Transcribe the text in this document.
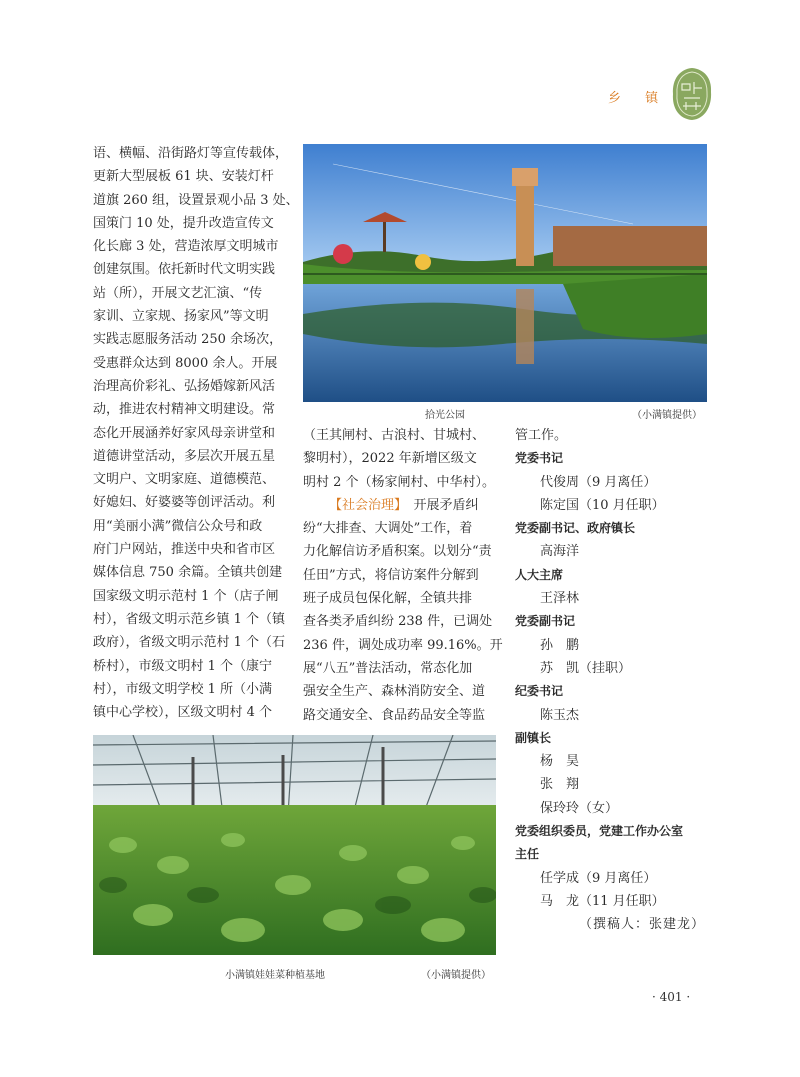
乡 镇
语、横幅、沿街路灯等宣传载体，
更新大型展板 61 块、安装灯杆
道旗 260 组，设置景观小品 3 处、
国策门 10 处，提升改造宣传文
化长廊 3 处，营造浓厚文明城市
创建氛围。依托新时代文明实践
站（所），开展文艺汇演、“传
家训、立家规、扬家风”等文明
实践志愿服务活动 250 余场次，
受惠群众达到 8000 余人。开展
治理高价彩礼、弘扬婚嫁新风活
动，推进农村精神文明建设。常
态化开展涵养好家风母亲讲堂和
道德讲堂活动，多层次开展五星
文明户、文明家庭、道德模范、
好媳妇、好婆婆等创评活动。利
用“美丽小满”微信公众号和政
府门户网站，推送中央和省市区
媒体信息 750 余篇。全镇共创建
国家级文明示范村 1 个（店子闸
村），省级文明示范乡镇 1 个（镇
政府），省级文明示范村 1 个（石
桥村），市级文明村 1 个（康宁
村），市级文明学校 1 所（小满
镇中心学校），区级文明村 4 个
拾光公园	（小满镇提供）
（王其闸村、古浪村、甘城村、
黎明村），2022 年新增区级文
明村 2 个（杨家闸村、中华村）。
【社会治理】　开展矛盾纠
纷“大排查、大调处”工作，着
力化解信访矛盾积案。以划分“责
任田”方式，将信访案件分解到
班子成员包保化解，全镇共排
查各类矛盾纠纷 238 件，已调处
236 件，调处成功率 99.16%。开
展“八五”普法活动，常态化加
强安全生产、森林消防安全、道
路交通安全、食品药品安全等监
小满镇娃娃菜种植基地	（小满镇提供）
管工作。
党委书记
代俊周（9 月离任）
陈定国（10 月任职）
党委副书记、政府镇长
高海洋
人大主席
王泽林
党委副书记
孙　鹏
苏　凯（挂职）
纪委书记
陈玉杰
副镇长
杨　昊
张　翔
保玲玲（女）
党委组织委员，党建工作办公室
主任
任学成（9 月离任）
马　龙（11 月任职）
（撰稿人：张建龙）
· 401 ·
